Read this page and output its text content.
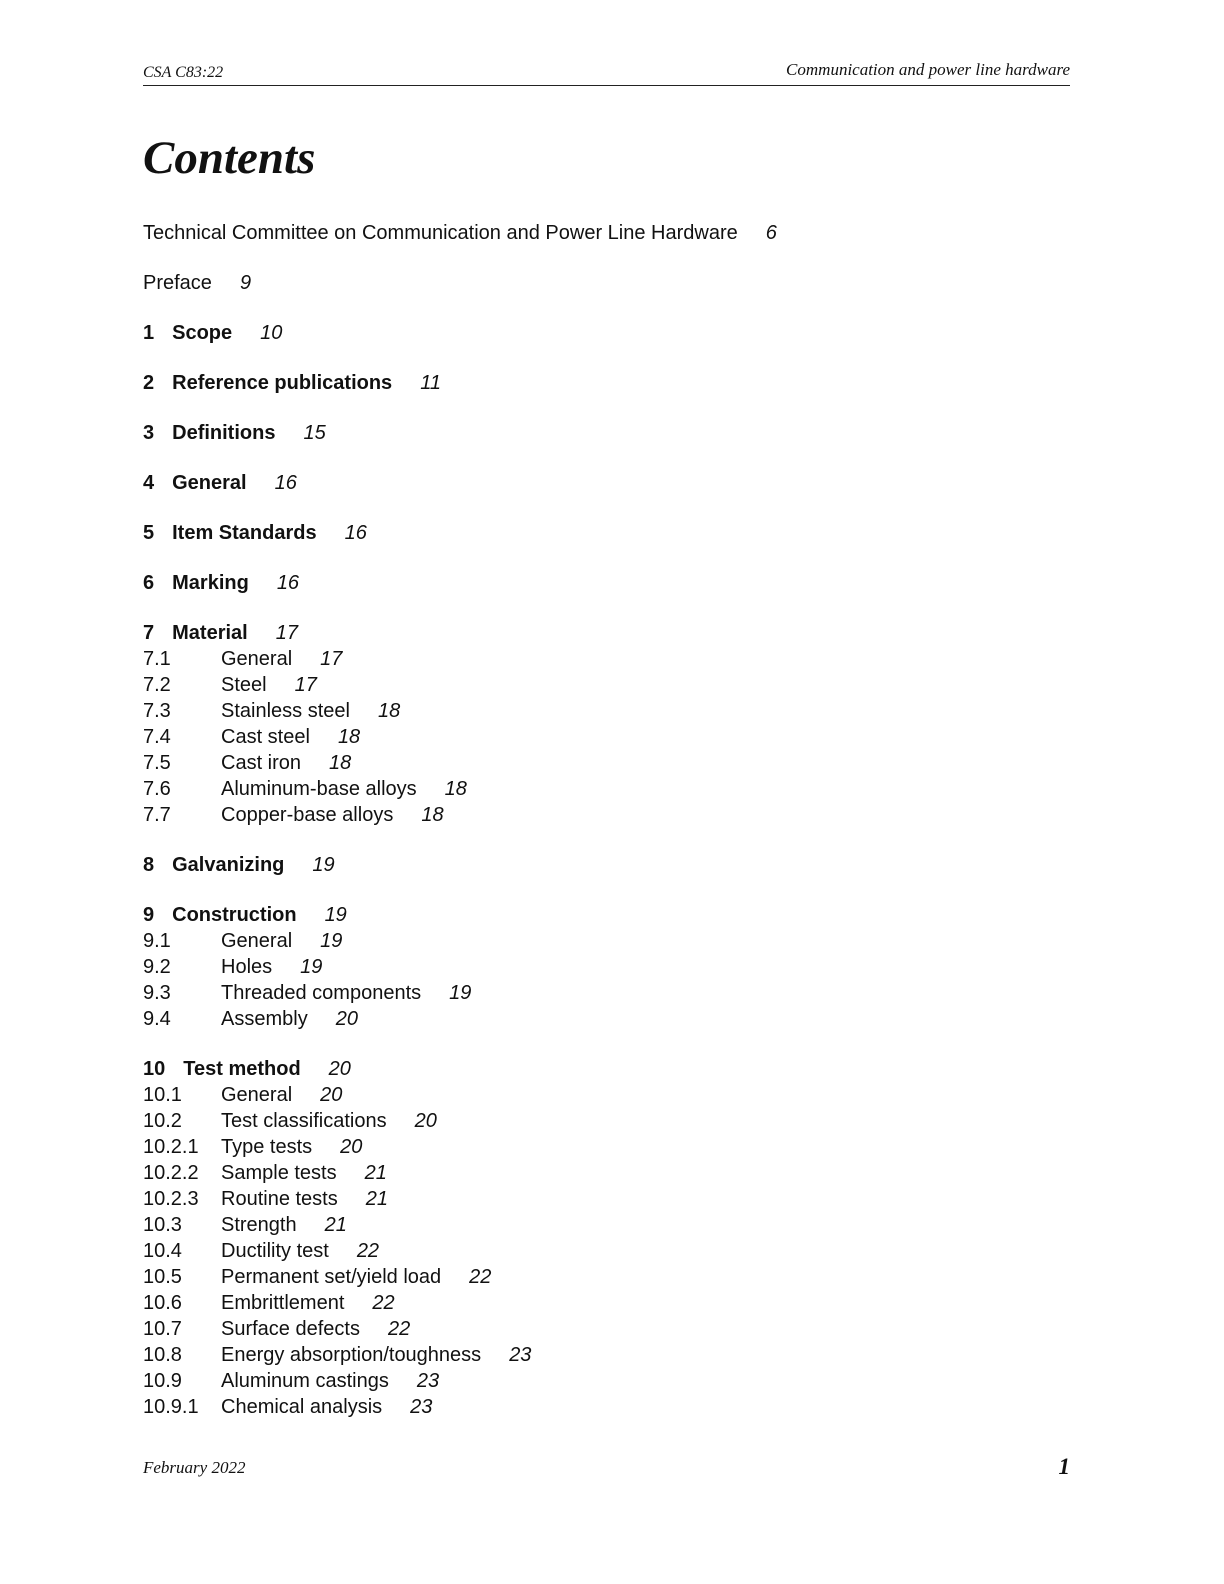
CSA C83:22	Communication and power line hardware
Contents
Technical Committee on Communication and Power Line Hardware 6
Preface 9
1 Scope 10
2 Reference publications 11
3 Definitions 15
4 General 16
5 Item Standards 16
6 Marking 16
7 Material 17
7.1	General 17
7.2	Steel 17
7.3	Stainless steel 18
7.4	Cast steel 18
7.5	Cast iron 18
7.6	Aluminum-base alloys 18
7.7	Copper-base alloys 18
8 Galvanizing 19
9 Construction 19
9.1	General 19
9.2	Holes 19
9.3	Threaded components 19
9.4	Assembly 20
10 Test method 20
10.1 General 20
10.2 Test classifications 20
10.2.1 Type tests 20
10.2.2 Sample tests 21
10.2.3 Routine tests 21
10.3 Strength 21
10.4 Ductility test 22
10.5 Permanent set/yield load 22
10.6 Embrittlement 22
10.7 Surface defects 22
10.8 Energy absorption/toughness 23
10.9 Aluminum castings 23
10.9.1 Chemical analysis 23
February 2022	1
